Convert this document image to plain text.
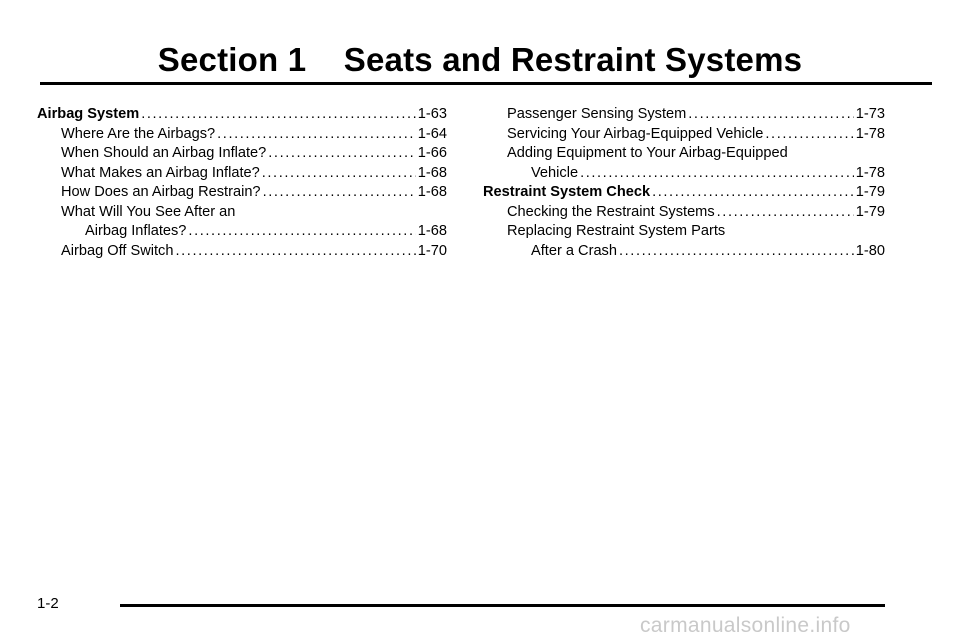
Section 1    Seats and Restraint Systems
Airbag System .....	1-63
Where Are the Airbags? .....	1-64
When Should an Airbag Inflate? .....	1-66
What Makes an Airbag Inflate? .....	1-68
How Does an Airbag Restrain? .....	1-68
What Will You See After an
Airbag Inflates? .....	1-68
Airbag Off Switch .....	1-70
Passenger Sensing System .....	1-73
Servicing Your Airbag-Equipped Vehicle .....	1-78
Adding Equipment to Your Airbag-Equipped
Vehicle .....	1-78
Restraint System Check .....	1-79
Checking the Restraint Systems .....	1-79
Replacing Restraint System Parts
After a Crash .....	1-80
1-2
carmanualsonline.info
